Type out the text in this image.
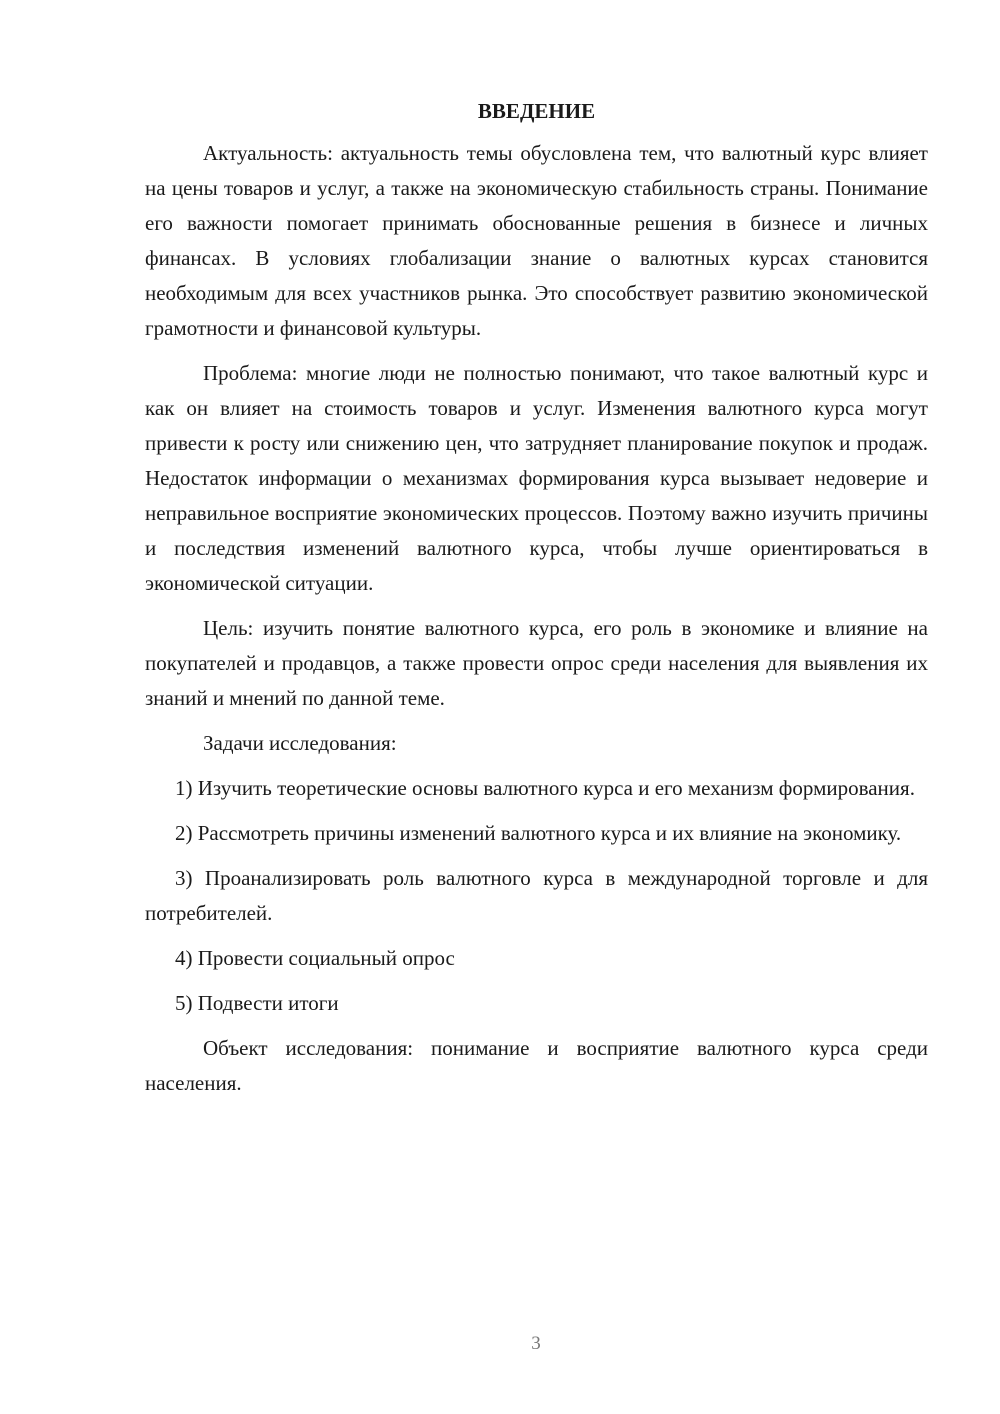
ВВЕДЕНИЕ

Актуальность: актуальность темы обусловлена тем, что валютный курс влияет на цены товаров и услуг, а также на экономическую стабильность страны. Понимание его важности помогает принимать обоснованные решения в бизнесе и личных финансах. В условиях глобализации знание о валютных курсах становится необходимым для всех участников рынка. Это способствует развитию экономической грамотности и финансовой культуры.

Проблема: многие люди не полностью понимают, что такое валютный курс и как он влияет на стоимость товаров и услуг. Изменения валютного курса могут привести к росту или снижению цен, что затрудняет планирование покупок и продаж. Недостаток информации о механизмах формирования курса вызывает недоверие и неправильное восприятие экономических процессов. Поэтому важно изучить причины и последствия изменений валютного курса, чтобы лучше ориентироваться в экономической ситуации.

Цель: изучить понятие валютного курса, его роль в экономике и влияние на покупателей и продавцов, а также провести опрос среди населения для выявления их знаний и мнений по данной теме.

Задачи исследования:

1) Изучить теоретические основы валютного курса и его механизм формирования.

2) Рассмотреть причины изменений валютного курса и их влияние на экономику.

3) Проанализировать роль валютного курса в международной торговле и для потребителей.

4) Провести социальный опрос

5) Подвести итоги

Объект исследования: понимание и восприятие валютного курса среди населения.

3
